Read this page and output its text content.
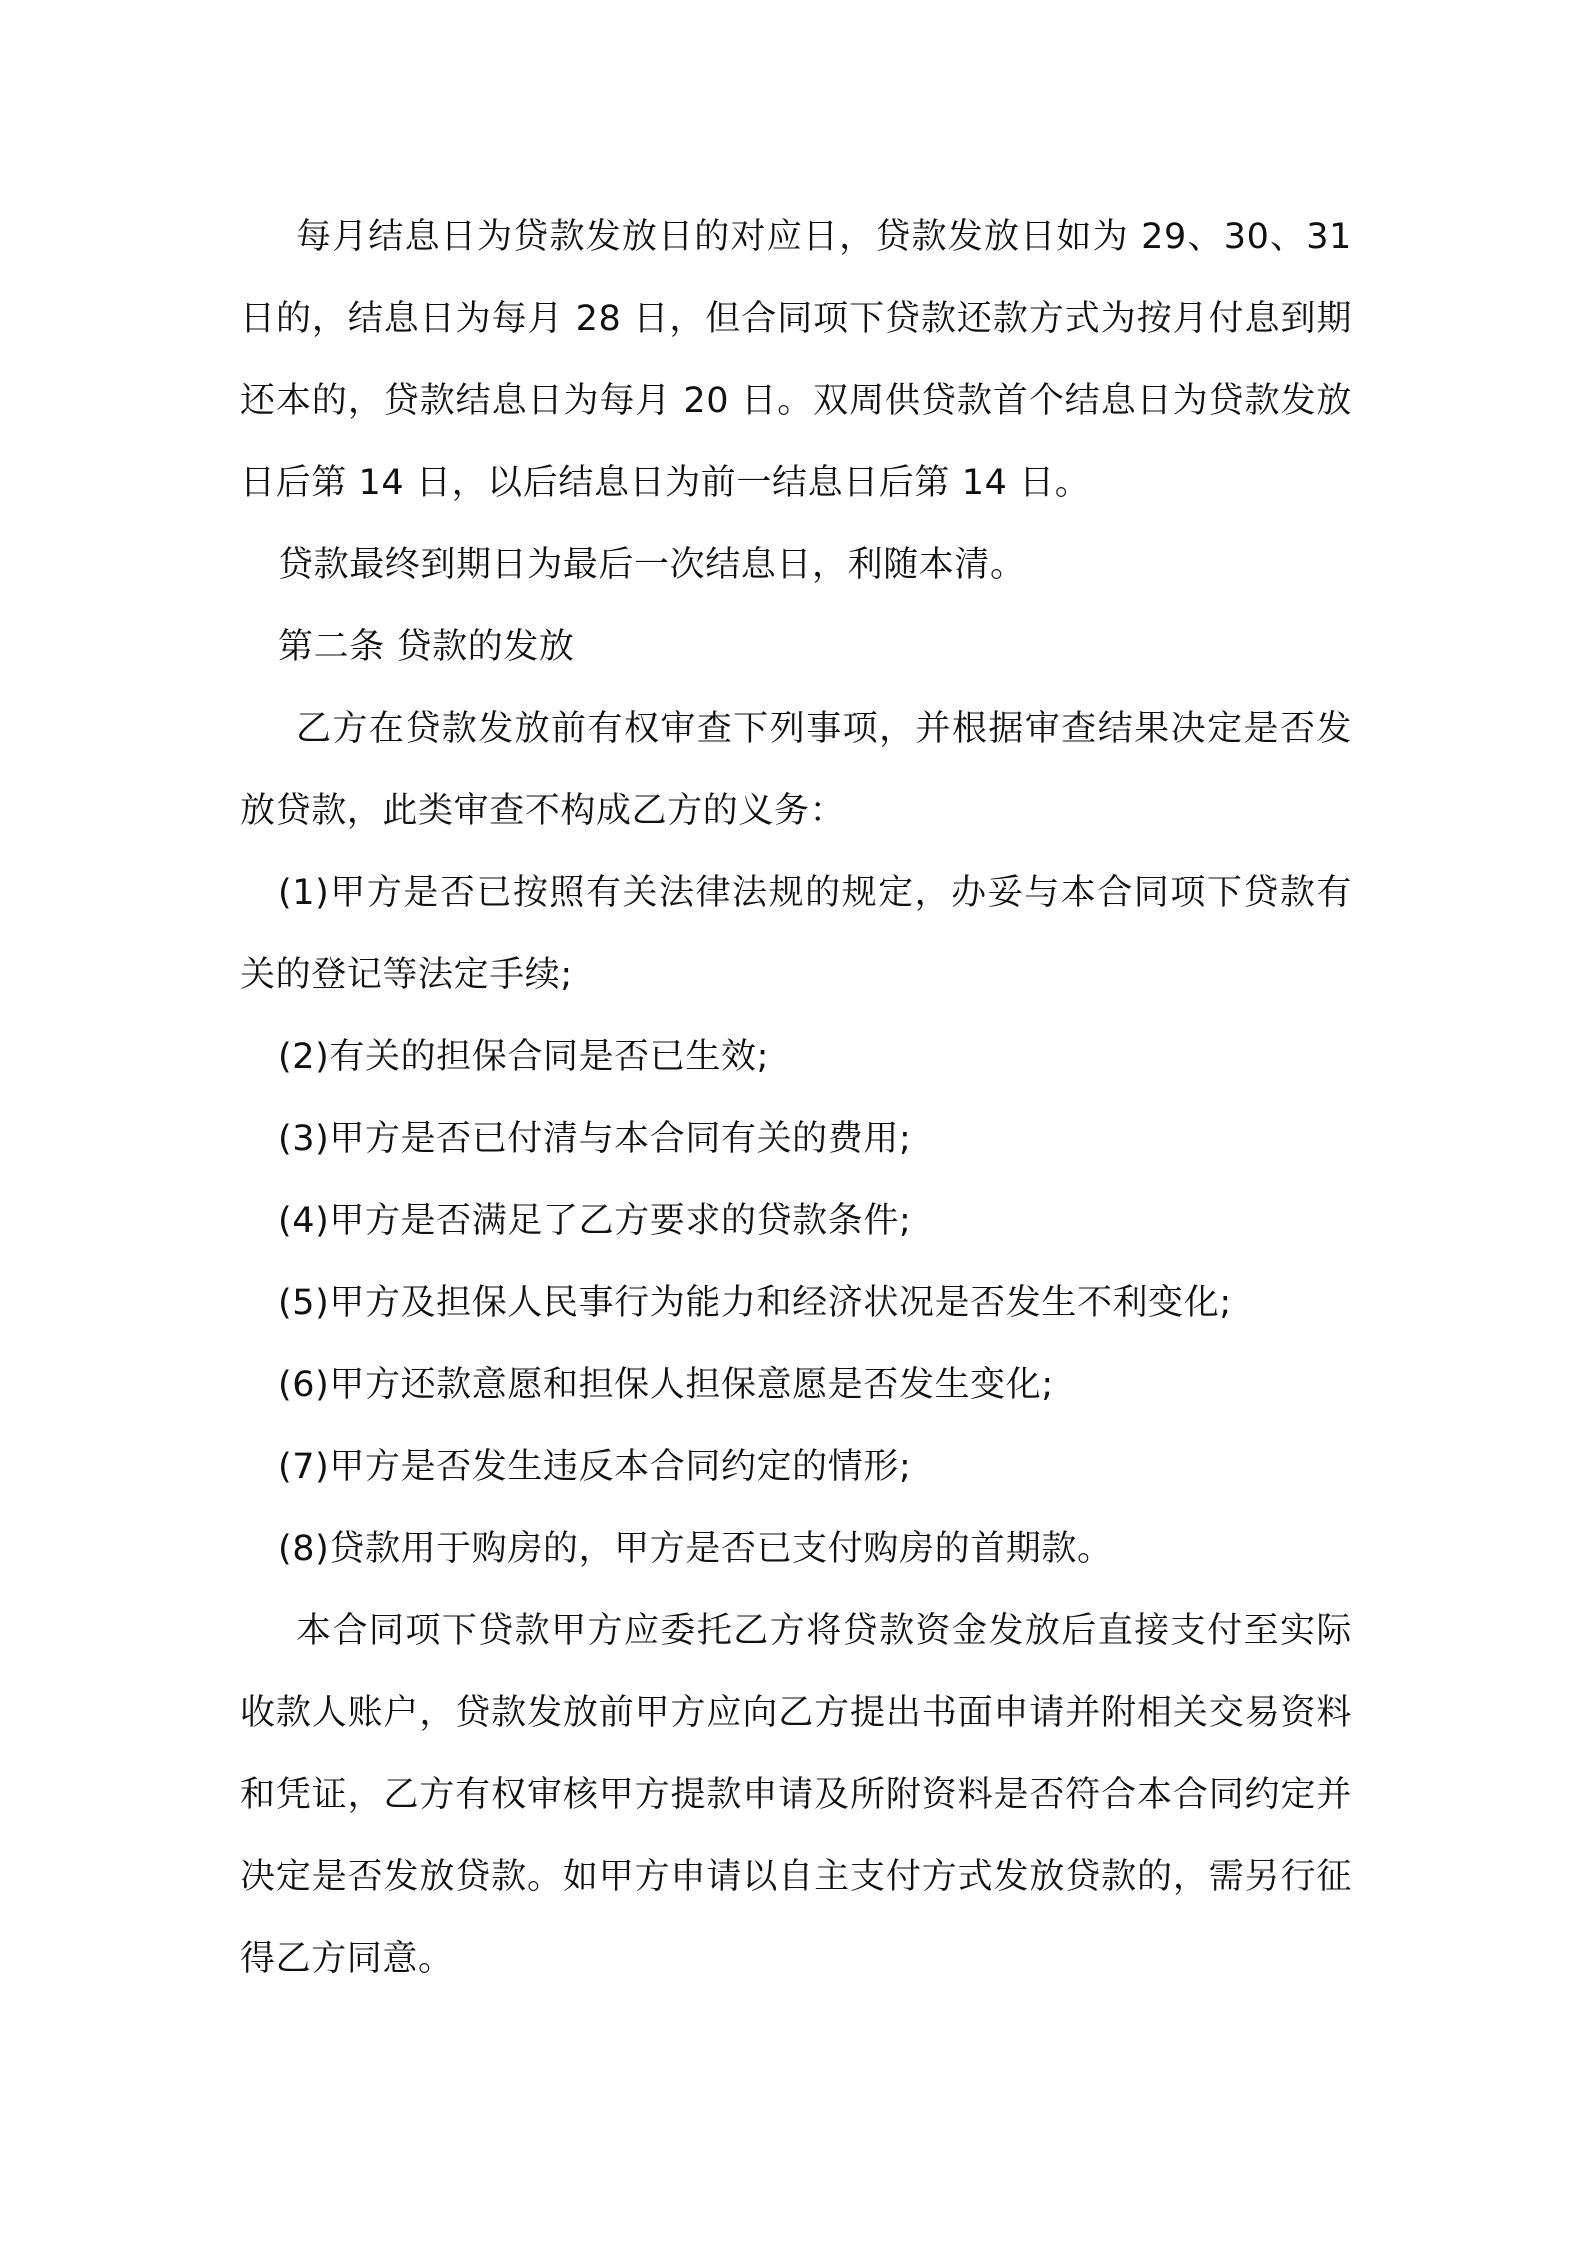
每月结息日为贷款发放日的对应日，贷款发放日如为 29、30、31 日的，结息日为每月 28 日，但合同项下贷款还款方式为按月付息到期还本的，贷款结息日为每月 20 日。双周供贷款首个结息日为贷款发放日后第 14 日，以后结息日为前一结息日后第 14 日。

贷款最终到期日为最后一次结息日，利随本清。

第二条 贷款的发放

乙方在贷款发放前有权审查下列事项，并根据审查结果决定是否发放贷款，此类审查不构成乙方的义务：

(1)甲方是否已按照有关法律法规的规定，办妥与本合同项下贷款有关的登记等法定手续;

(2)有关的担保合同是否已生效;

(3)甲方是否已付清与本合同有关的费用;

(4)甲方是否满足了乙方要求的贷款条件;

(5)甲方及担保人民事行为能力和经济状况是否发生不利变化;

(6)甲方还款意愿和担保人担保意愿是否发生变化;

(7)甲方是否发生违反本合同约定的情形;

(8)贷款用于购房的，甲方是否已支付购房的首期款。

本合同项下贷款甲方应委托乙方将贷款资金发放后直接支付至实际收款人账户，贷款发放前甲方应向乙方提出书面申请并附相关交易资料和凭证，乙方有权审核甲方提款申请及所附资料是否符合本合同约定并决定是否发放贷款。如甲方申请以自主支付方式发放贷款的，需另行征得乙方同意。
